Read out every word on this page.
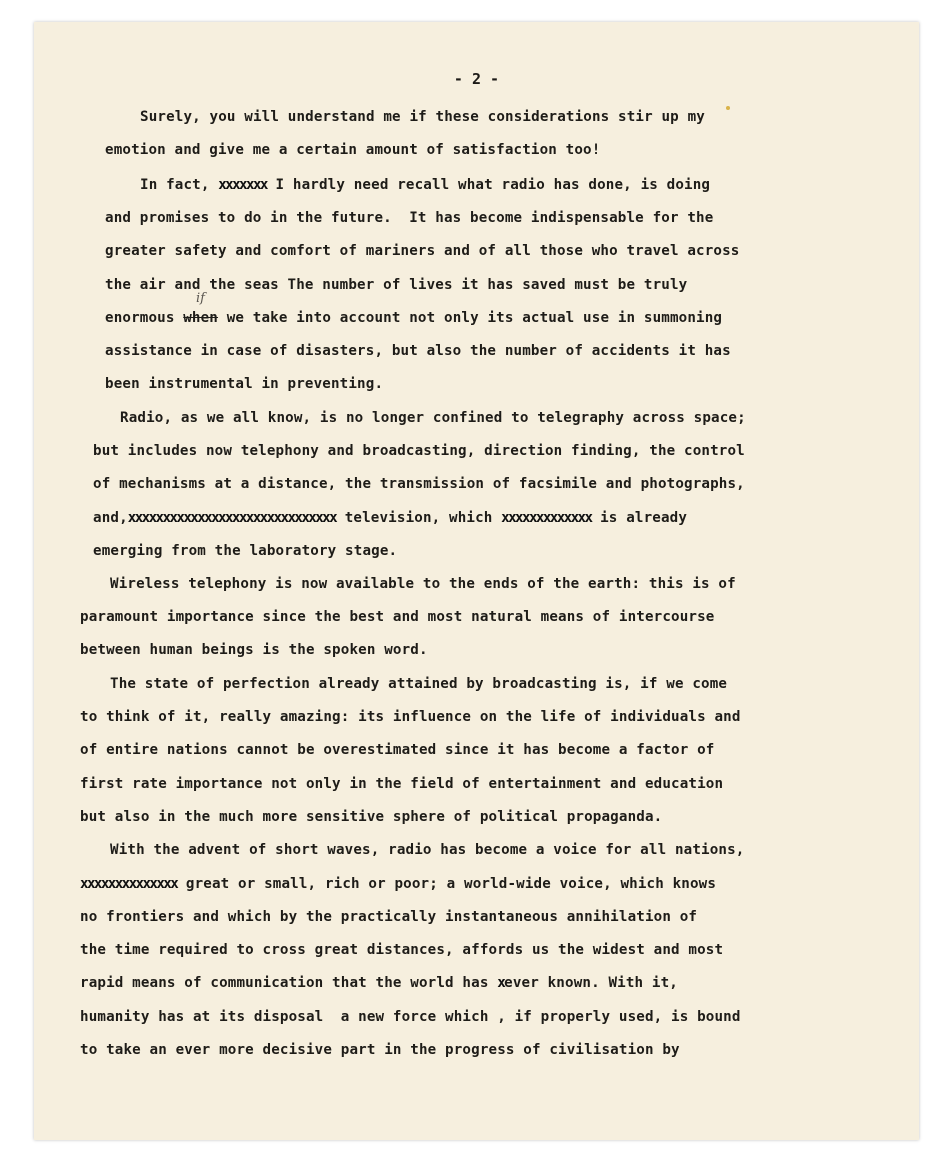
- 2 -
Surely, you will understand me if these considerations stir up my
emotion and give me a certain amount of satisfaction too!
In fact, xxxxxxx I hardly need recall what radio has done, is doing
and promises to do in the future.  It has become indispensable for the
greater safety and comfort of mariners and of all those who travel across
the air and the seas The number of lives it has saved must be truly
enormous when we take into account not only its actual use in summoning
assistance in case of disasters, but also the number of accidents it has
been instrumental in preventing.
Radio, as we all know, is no longer confined to telegraphy across space;
but includes now telephony and broadcasting, direction finding, the control
of mechanisms at a distance, the transmission of facsimile and photographs,
and,xxxxxxxxxxxxxxxxxxxxxxxxxxxxxx television, which xxxxxxxxxxxxx is already
emerging from the laboratory stage.
Wireless telephony is now available to the ends of the earth: this is of
paramount importance since the best and most natural means of intercourse
between human beings is the spoken word.
The state of perfection already attained by broadcasting is, if we come
to think of it, really amazing: its influence on the life of individuals and
of entire nations cannot be overestimated since it has become a factor of
first rate importance not only in the field of entertainment and education
but also in the much more sensitive sphere of political propaganda.
With the advent of short waves, radio has become a voice for all nations,
xxxxxxxxxxxxxx great or small, rich or poor; a world-wide voice, which knows
no frontiers and which by the practically instantaneous annihilation of
the time required to cross great distances, affords us the widest and most
rapid means of communication that the world has xever known. With it,
humanity has at its disposal  a new force which , if properly used, is bound
to take an ever more decisive part in the progress of civilisation by
if
